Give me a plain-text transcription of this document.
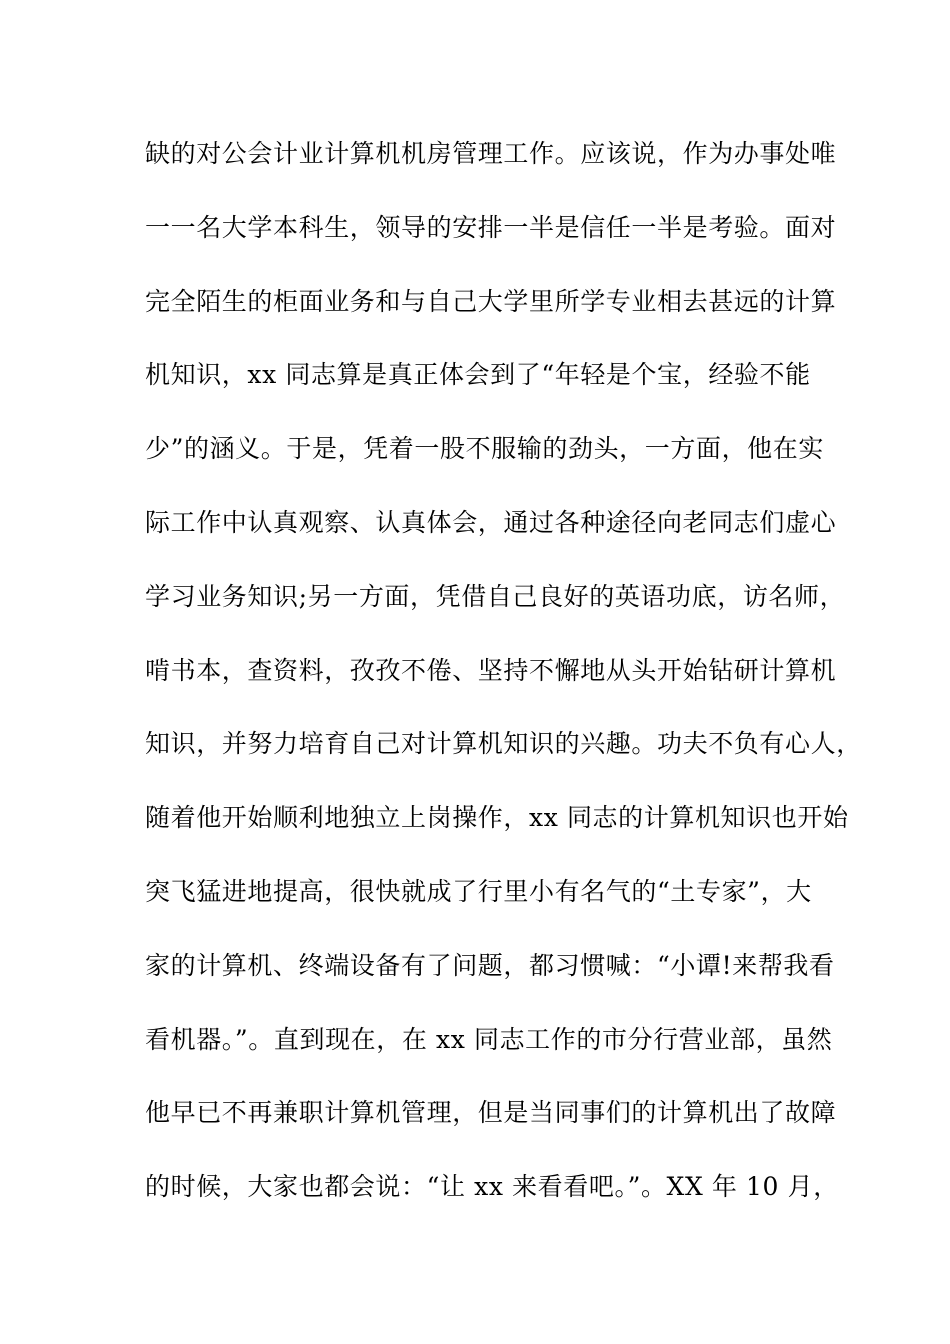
缺的对公会计业计算机机房管理工作。应该说，作为办事处唯
一一名大学本科生，领导的安排一半是信任一半是考验。面对
完全陌生的柜面业务和与自己大学里所学专业相去甚远的计算
机知识，xx 同志算是真正体会到了“年轻是个宝，经验不能
少”的涵义。于是，凭着一股不服输的劲头，一方面，他在实
际工作中认真观察、认真体会，通过各种途径向老同志们虚心
学习业务知识;另一方面，凭借自己良好的英语功底，访名师，
啃书本，查资料，孜孜不倦、坚持不懈地从头开始钻研计算机
知识，并努力培育自己对计算机知识的兴趣。功夫不负有心人，
随着他开始顺利地独立上岗操作，xx 同志的计算机知识也开始
突飞猛进地提高，很快就成了行里小有名气的“土专家”，大
家的计算机、终端设备有了问题，都习惯喊：“小谭!来帮我看
看机器。”。直到现在，在 xx 同志工作的市分行营业部，虽然
他早已不再兼职计算机管理，但是当同事们的计算机出了故障
的时候，大家也都会说：“让 xx 来看看吧。”。XX 年 10 月，
